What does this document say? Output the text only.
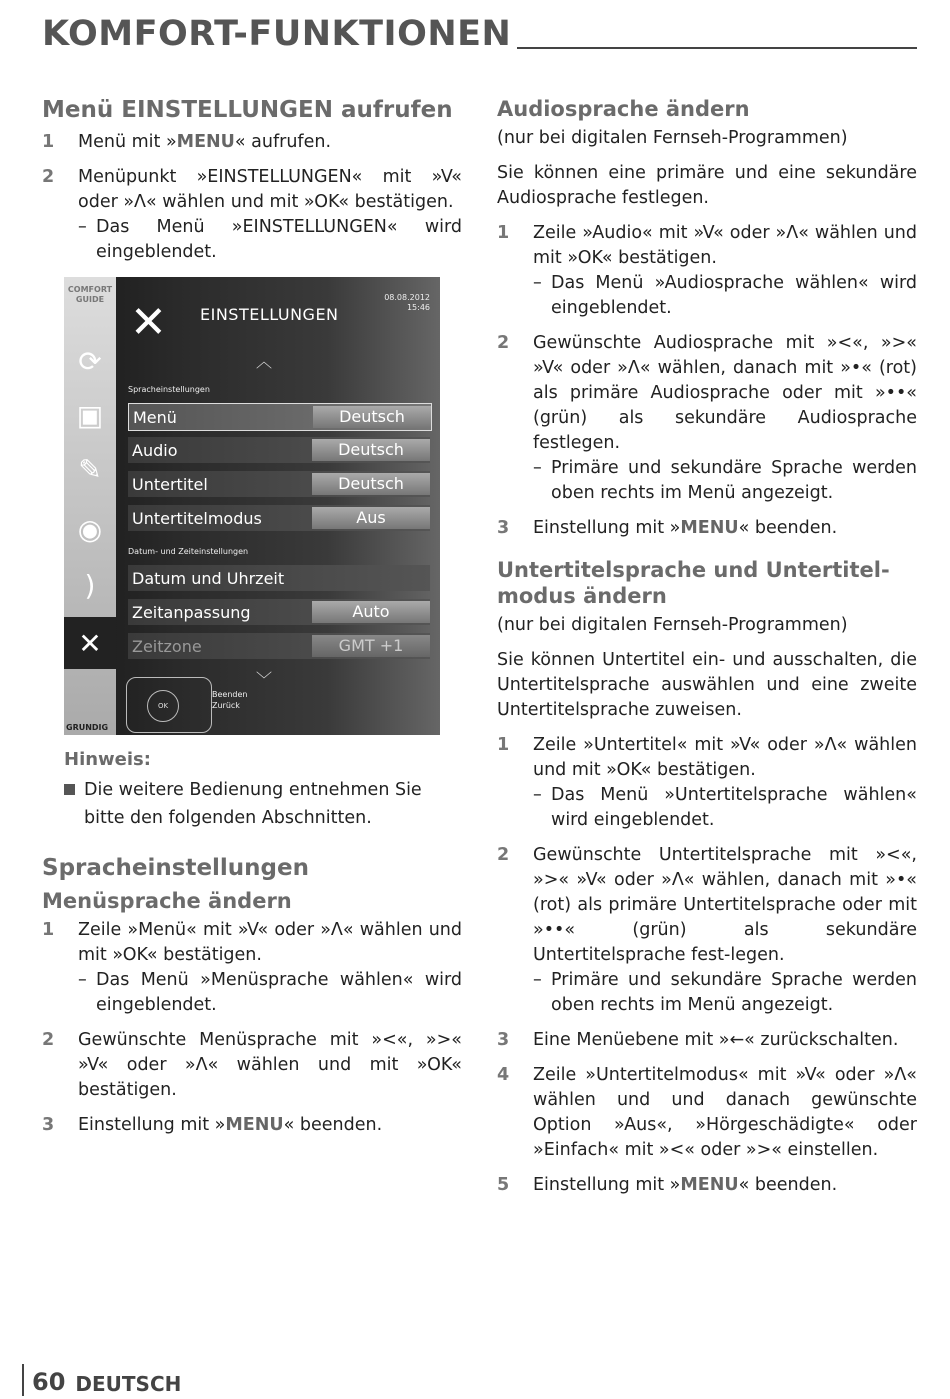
KOMFORT-FUNKTIONEN
Menü EINSTELLUNGEN aufrufen
1 Menü mit »MENU« aufrufen.
2 Menüpunkt »EINSTELLUNGEN« mit »V« oder »Λ« wählen und mit »OK« bestätigen.
– Das Menü »EINSTELLUNGEN« wird eingeblendet.
COMFORT GUIDE
⟳
▣
✎
◉
)
✕
GRUNDIG
✕ EINSTELLUNGEN
08.08.2012
15:46
︿
Spracheinstellungen
Menü	Deutsch
Audio	Deutsch
Untertitel	Deutsch
Untertitelmodus	Aus
Datum- und Zeiteinstellungen
Datum und Uhrzeit
Zeitanpassung	Auto
Zeitzone	GMT +1
﹀
OK
Beenden
Zurück
Hinweis:
Die weitere Bedienung entnehmen Sie bitte den folgenden Abschnitten.
Spracheinstellungen
Menüsprache ändern
1 Zeile »Menü« mit »V« oder »Λ« wählen und mit »OK« bestätigen.
– Das Menü »Menüsprache wählen« wird eingeblendet.
2 Gewünschte Menüsprache mit »<«, »>« »V« oder »Λ« wählen und mit »OK« bestätigen.
3 Einstellung mit »MENU« beenden.
Audiosprache ändern
(nur bei digitalen Fernseh-Programmen)
Sie können eine primäre und eine sekundäre Audiosprache festlegen.
1 Zeile »Audio« mit »V« oder »Λ« wählen und mit »OK« bestätigen.
– Das Menü »Audiosprache wählen« wird eingeblendet.
2 Gewünschte Audiosprache mit »<«, »>« »V« oder »Λ« wählen, danach mit »•« (rot) als primäre Audiosprache oder mit »••« (grün) als sekundäre Audiosprache festlegen.
– Primäre und sekundäre Sprache werden oben rechts im Menü angezeigt.
3 Einstellung mit »MENU« beenden.
Untertitelsprache und Untertitel-modus ändern
(nur bei digitalen Fernseh-Programmen)
Sie können Untertitel ein- und ausschalten, die Untertitelsprache auswählen und eine zweite Untertitelsprache zuweisen.
1 Zeile »Untertitel« mit »V« oder »Λ« wählen und mit »OK« bestätigen.
– Das Menü »Untertitelsprache wählen« wird eingeblendet.
2 Gewünschte Untertitelsprache mit »<«, »>« »V« oder »Λ« wählen, danach mit »•« (rot) als primäre Untertitelsprache oder mit »••« (grün) als sekundäre Untertitelsprache fest-legen.
– Primäre und sekundäre Sprache werden oben rechts im Menü angezeigt.
3 Eine Menüebene mit »←« zurückschalten.
4 Zeile »Untertitelmodus« mit »V« oder »Λ« wählen und und danach gewünschte Option »Aus«, »Hörgeschädigte« oder »Einfach« mit »<« oder »>« einstellen.
5 Einstellung mit »MENU« beenden.
60 DEUTSCH
